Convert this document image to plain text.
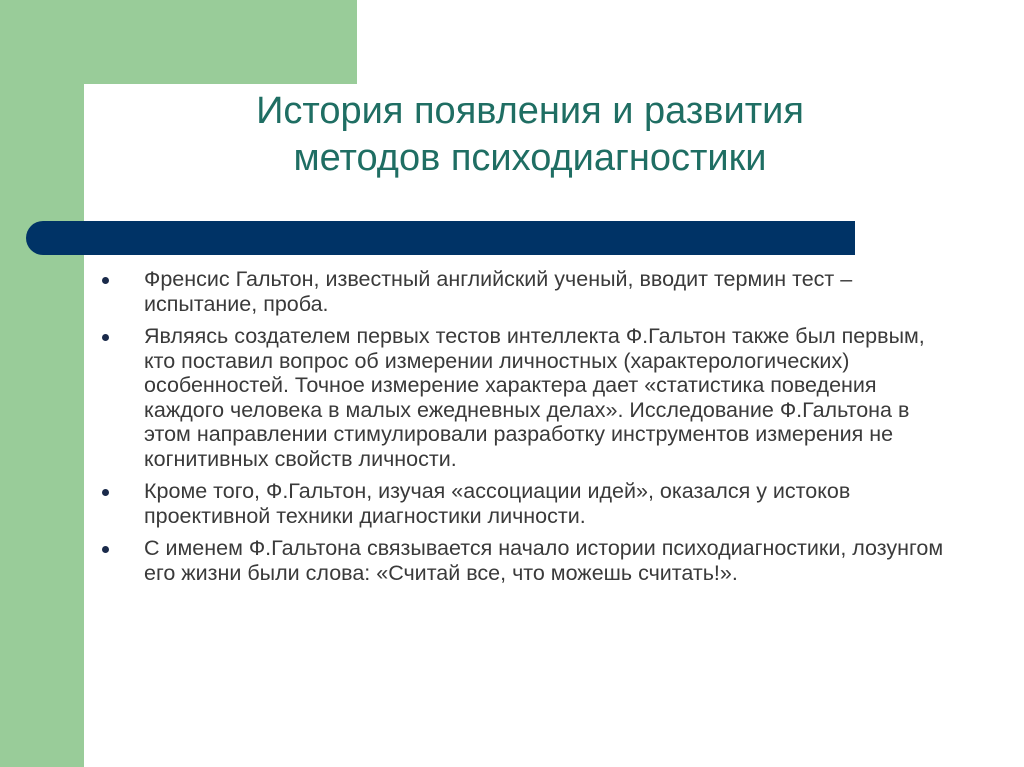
История появления и развития
методов психодиагностики
Френсис Гальтон, известный английский ученый, вводит термин тест – испытание, проба.
Являясь создателем первых тестов интеллекта Ф.Гальтон также был первым, кто поставил вопрос об измерении личностных (характерологических) особенностей. Точное измерение характера дает «статистика поведения каждого человека в малых ежедневных делах». Исследование Ф.Гальтона в этом направлении стимулировали разработку инструментов измерения не когнитивных свойств личности.
Кроме того, Ф.Гальтон, изучая «ассоциации идей», оказался у истоков проективной техники диагностики личности.
С именем Ф.Гальтона связывается начало истории психодиагностики, лозунгом его жизни были слова: «Считай все, что можешь считать!».
